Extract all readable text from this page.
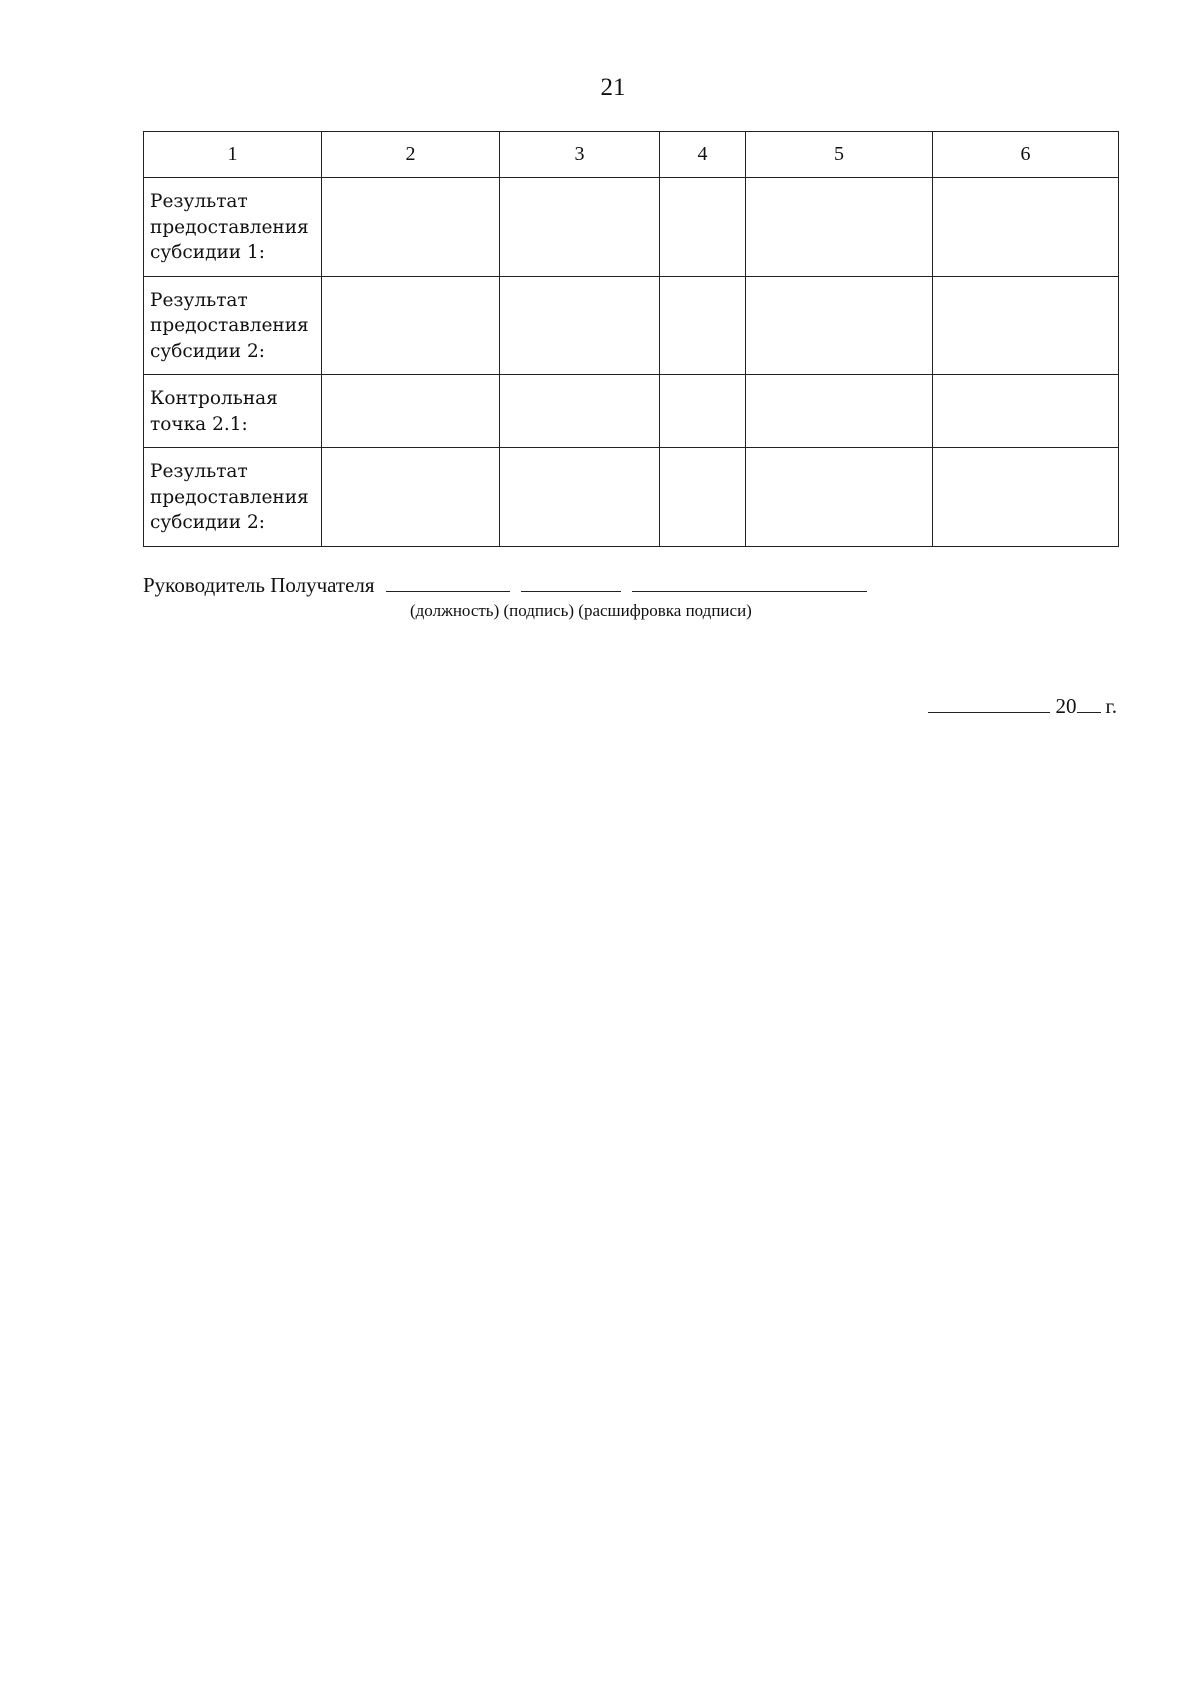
21
1	2	3	4	5	6
Результат предоставления субсидии 1:					
Результат предоставления субсидии 2:					
Контрольная точка 2.1:					
Результат предоставления субсидии 2:					
Руководитель Получателя
(должность) (подпись) (расшифровка подписи)
20 г.
